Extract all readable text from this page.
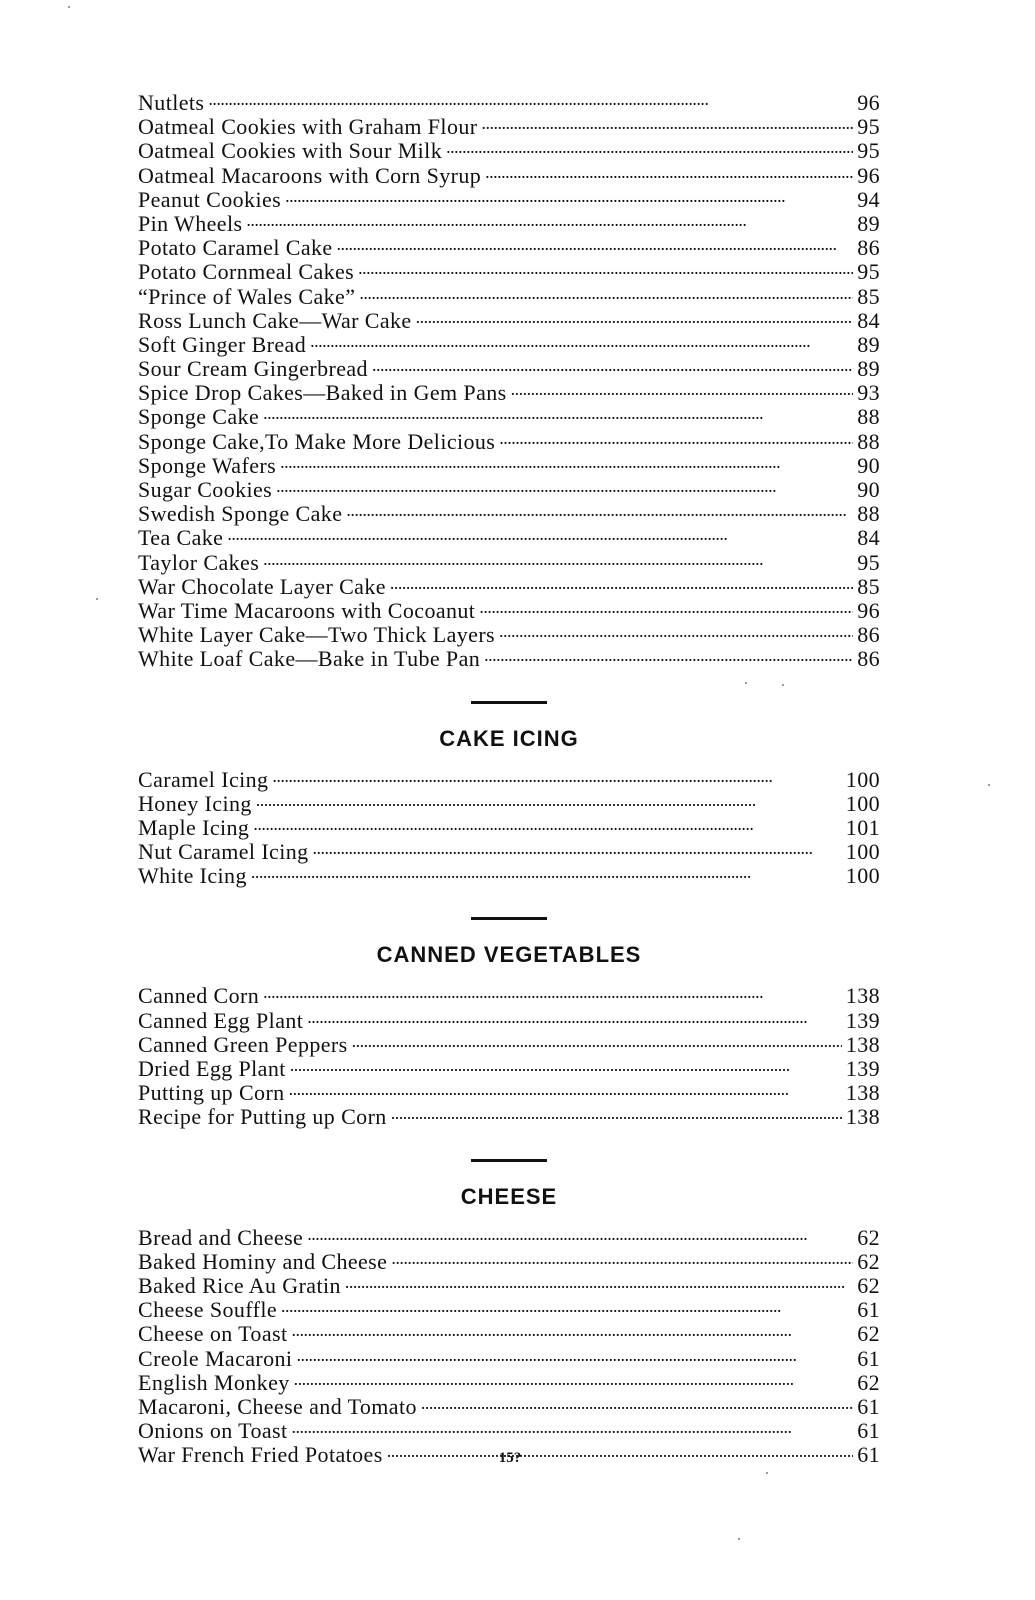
Nutlets . . .	96
Oatmeal Cookies with Graham Flour . . .	95
Oatmeal Cookies with Sour Milk . . .	95
Oatmeal Macaroons with Corn Syrup . . .	96
Peanut Cookies . . .	94
Pin Wheels . . .	89
Potato Caramel Cake . . .	86
Potato Cornmeal Cakes . . .	95
“Prince of Wales Cake” . . .	85
Ross Lunch Cake—War Cake . . .	84
Soft Ginger Bread . . .	89
Sour Cream Gingerbread . . .	89
Spice Drop Cakes—Baked in Gem Pans . . .	93
Sponge Cake . . .	88
Sponge Cake,To Make More Delicious . . .	88
Sponge Wafers . . .	90
Sugar Cookies . . .	90
Swedish Sponge Cake . . .	88
Tea Cake . . .	84
Taylor Cakes . . .	95
War Chocolate Layer Cake . . .	85
War Time Macaroons with Cocoanut . . .	96
White Layer Cake—Two Thick Layers . . .	86
White Loaf Cake—Bake in Tube Pan . . .	86
CAKE ICING
Caramel Icing . . .	100
Honey Icing . . .	100
Maple Icing . . .	101
Nut Caramel Icing . . .	100
White Icing . . .	100
CANNED VEGETABLES
Canned Corn . . .	138
Canned Egg Plant . . .	139
Canned Green Peppers . . .	138
Dried Egg Plant . . .	139
Putting up Corn . . .	138
Recipe for Putting up Corn . . .	138
CHEESE
Bread and Cheese . . .	62
Baked Hominy and Cheese . . .	62
Baked Rice Au Gratin . . .	62
Cheese Souffle . . .	61
Cheese on Toast . . .	62
Creole Macaroni . . .	61
English Monkey . . .	62
Macaroni, Cheese and Tomato . . .	61
Onions on Toast . . .	61
War French Fried Potatoes . . .	61
15?
